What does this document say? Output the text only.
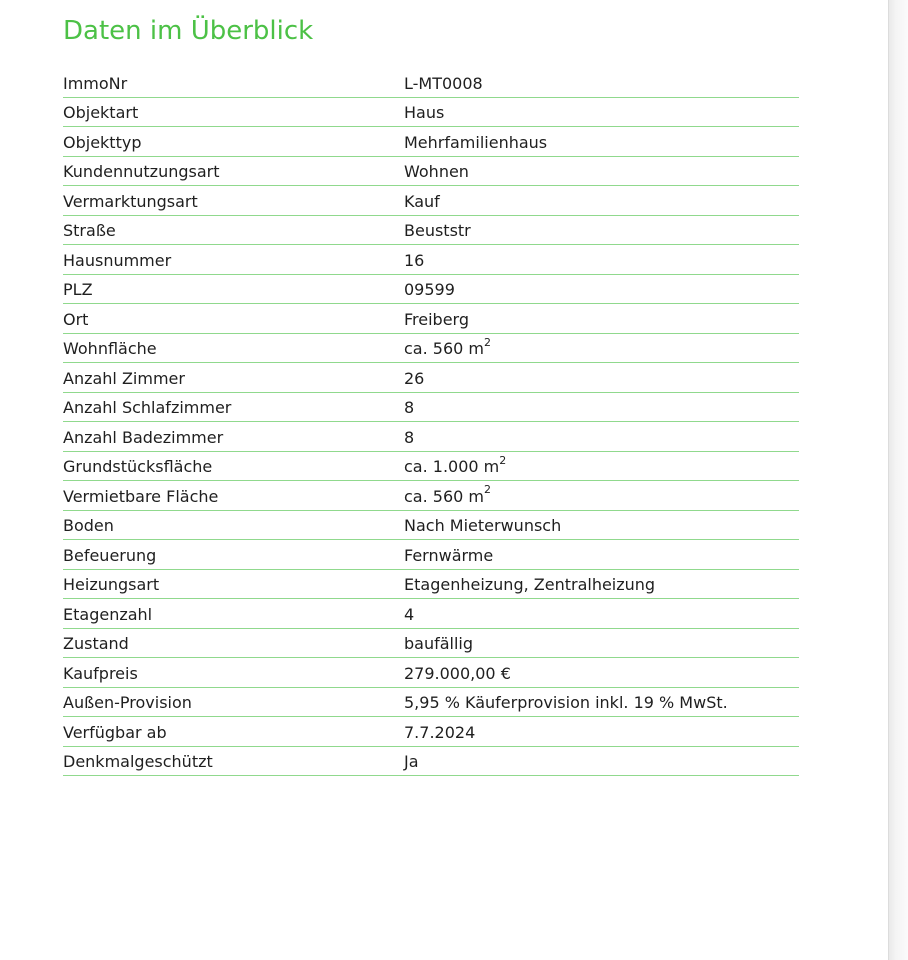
Daten im Überblick
ImmoNr	L-MT0008
Objektart	Haus
Objekttyp	Mehrfamilienhaus
Kundennutzungsart	Wohnen
Vermarktungsart	Kauf
Straße	Beuststr
Hausnummer	16
PLZ	09599
Ort	Freiberg
Wohnfläche	ca. 560 $m^2$
Anzahl Zimmer	26
Anzahl Schlafzimmer	8
Anzahl Badezimmer	8
Grundstücksfläche	ca. 1.000 $m^2$
Vermietbare Fläche	ca. 560 $m^2$
Boden	Nach Mieterwunsch
Befeuerung	Fernwärme
Heizungsart	Etagenheizung, Zentralheizung
Etagenzahl	4
Zustand	baufällig
Kaufpreis	279.000,00 €
Außen-Provision	5,95 % Käuferprovision inkl. 19 % MwSt.
Verfügbar ab	7.7.2024
Denkmalgeschützt	Ja
